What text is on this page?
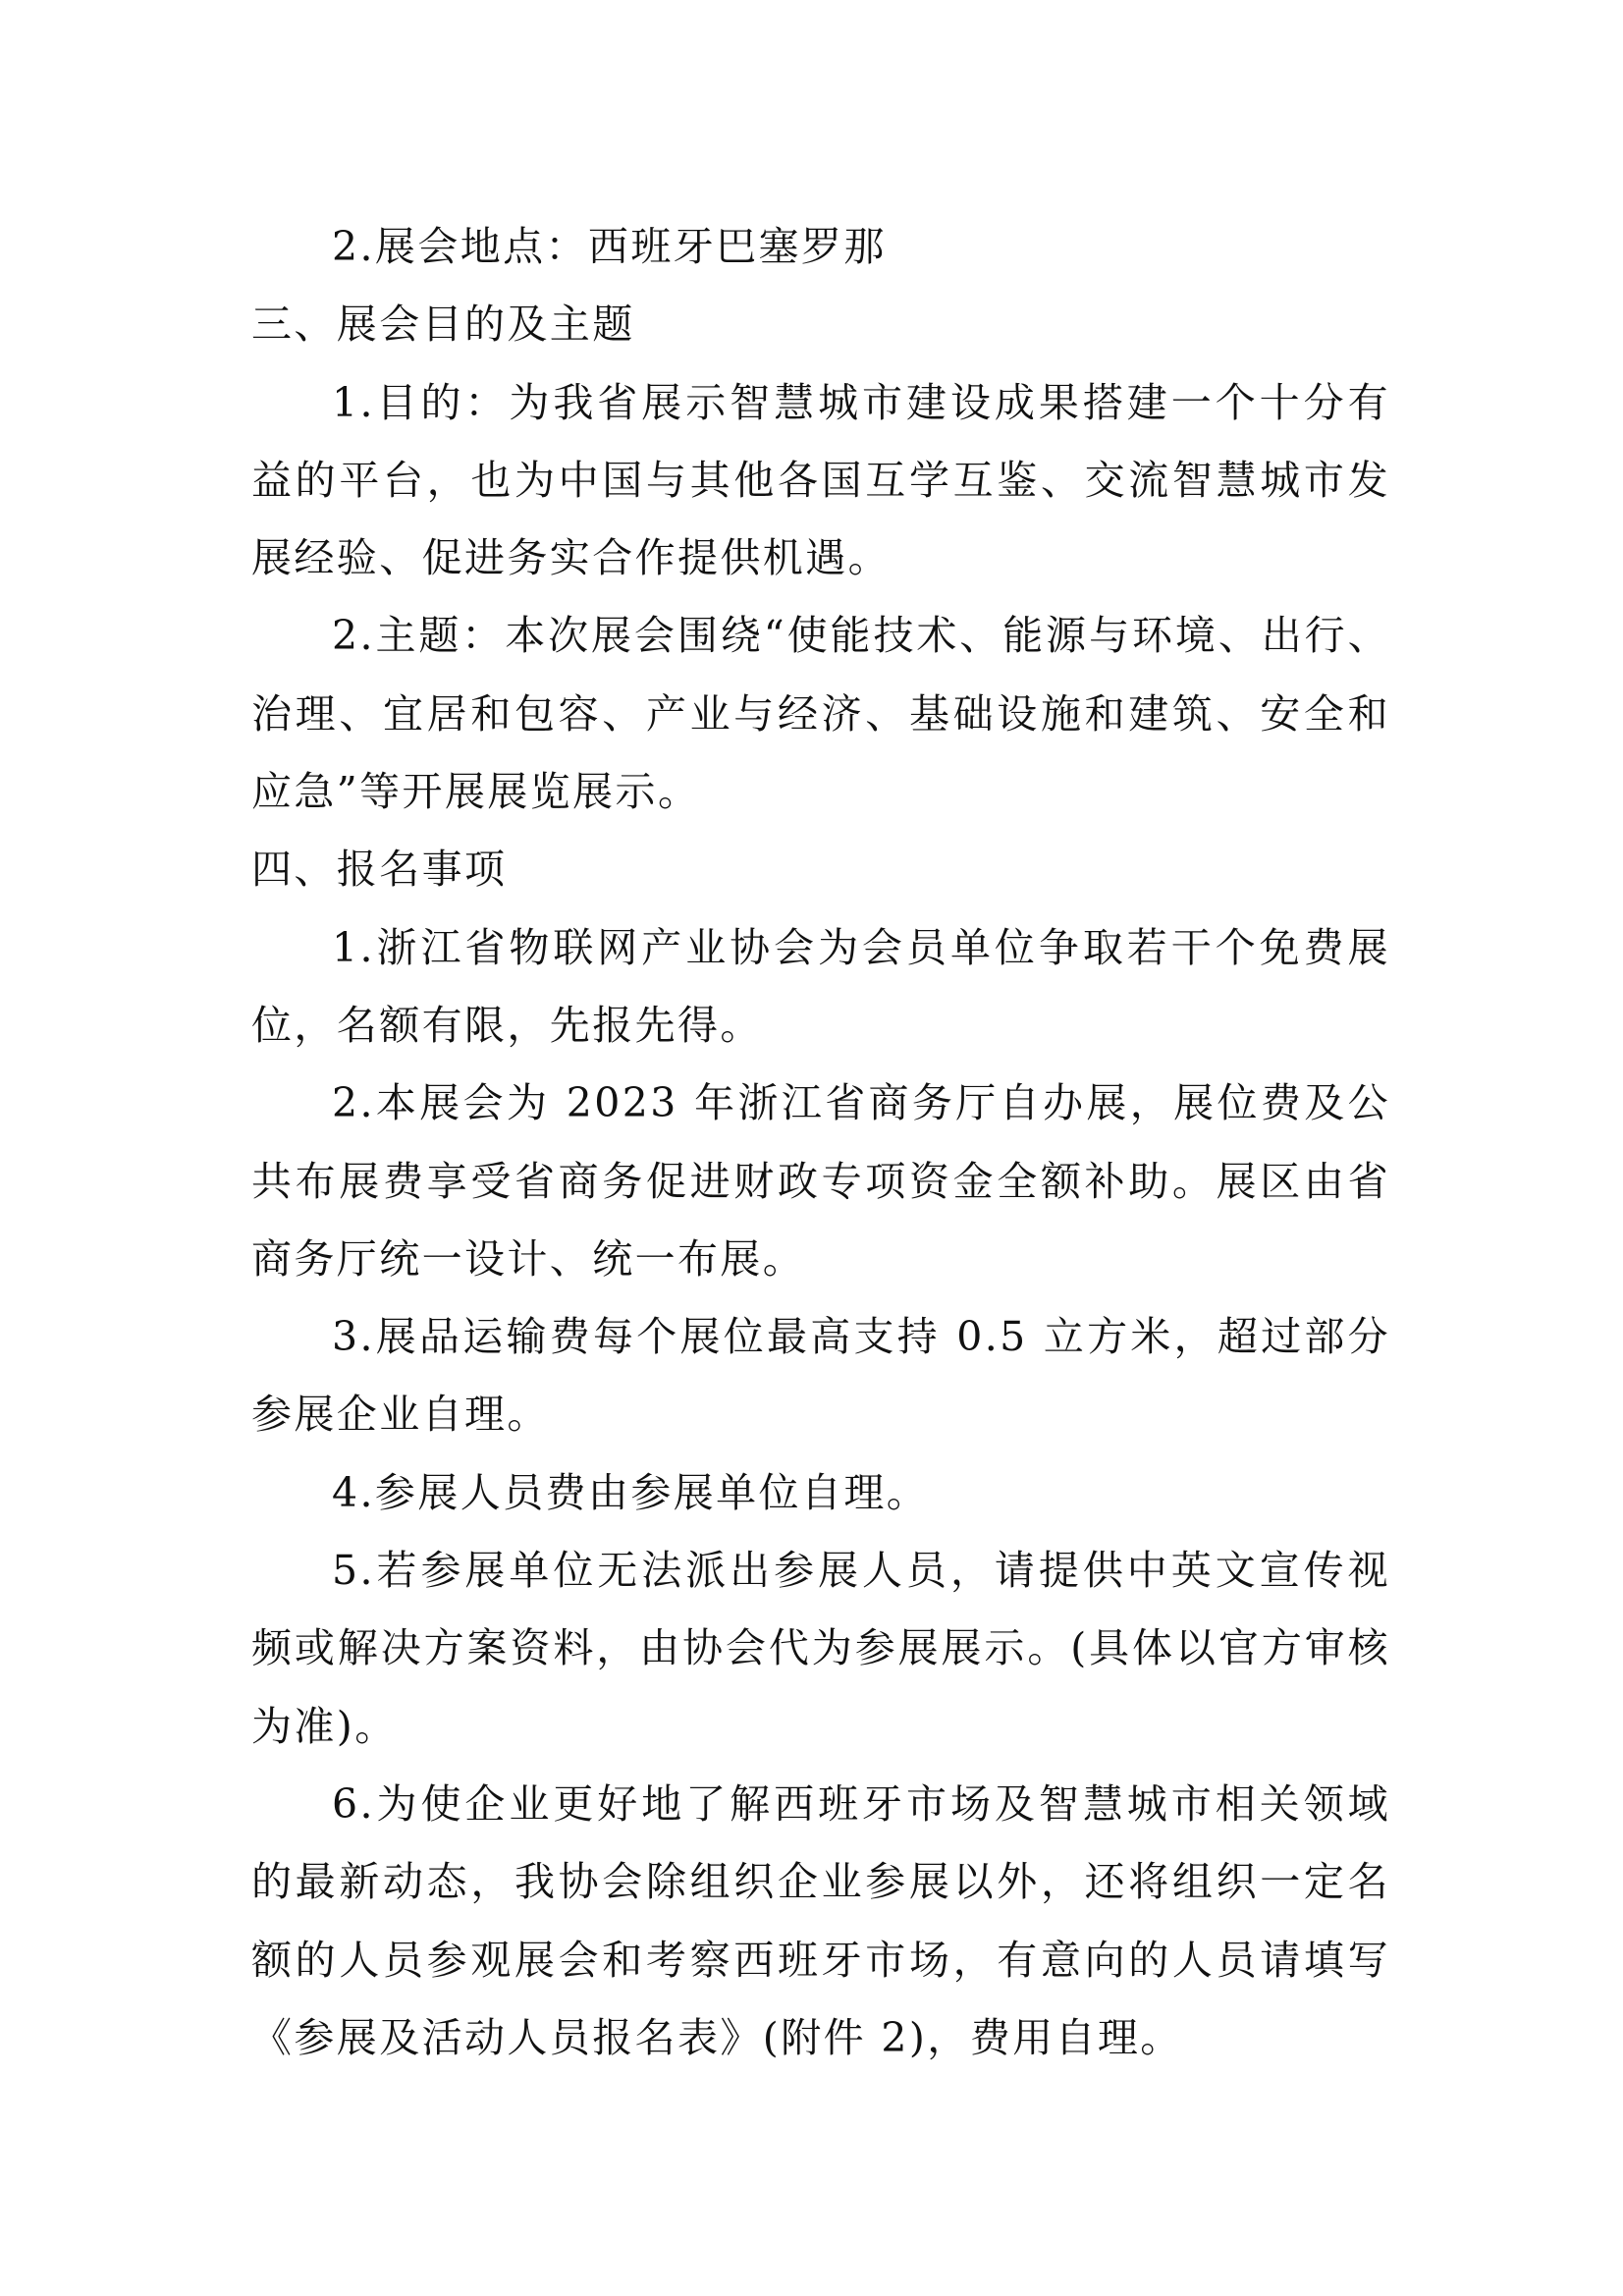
2.展会地点：西班牙巴塞罗那

三、展会目的及主题

1.目的：为我省展示智慧城市建设成果搭建一个十分有益的平台，也为中国与其他各国互学互鉴、交流智慧城市发展经验、促进务实合作提供机遇。

2.主题：本次展会围绕“使能技术、能源与环境、出行、治理、宜居和包容、产业与经济、基础设施和建筑、安全和应急”等开展展览展示。

四、报名事项

1.浙江省物联网产业协会为会员单位争取若干个免费展位，名额有限，先报先得。

2.本展会为 2023 年浙江省商务厅自办展，展位费及公共布展费享受省商务促进财政专项资金全额补助。展区由省商务厅统一设计、统一布展。

3.展品运输费每个展位最高支持 0.5 立方米，超过部分参展企业自理。

4.参展人员费由参展单位自理。

5.若参展单位无法派出参展人员，请提供中英文宣传视频或解决方案资料，由协会代为参展展示。(具体以官方审核为准)。

6.为使企业更好地了解西班牙市场及智慧城市相关领域的最新动态，我协会除组织企业参展以外，还将组织一定名额的人员参观展会和考察西班牙市场，有意向的人员请填写《参展及活动人员报名表》(附件 2)，费用自理。
